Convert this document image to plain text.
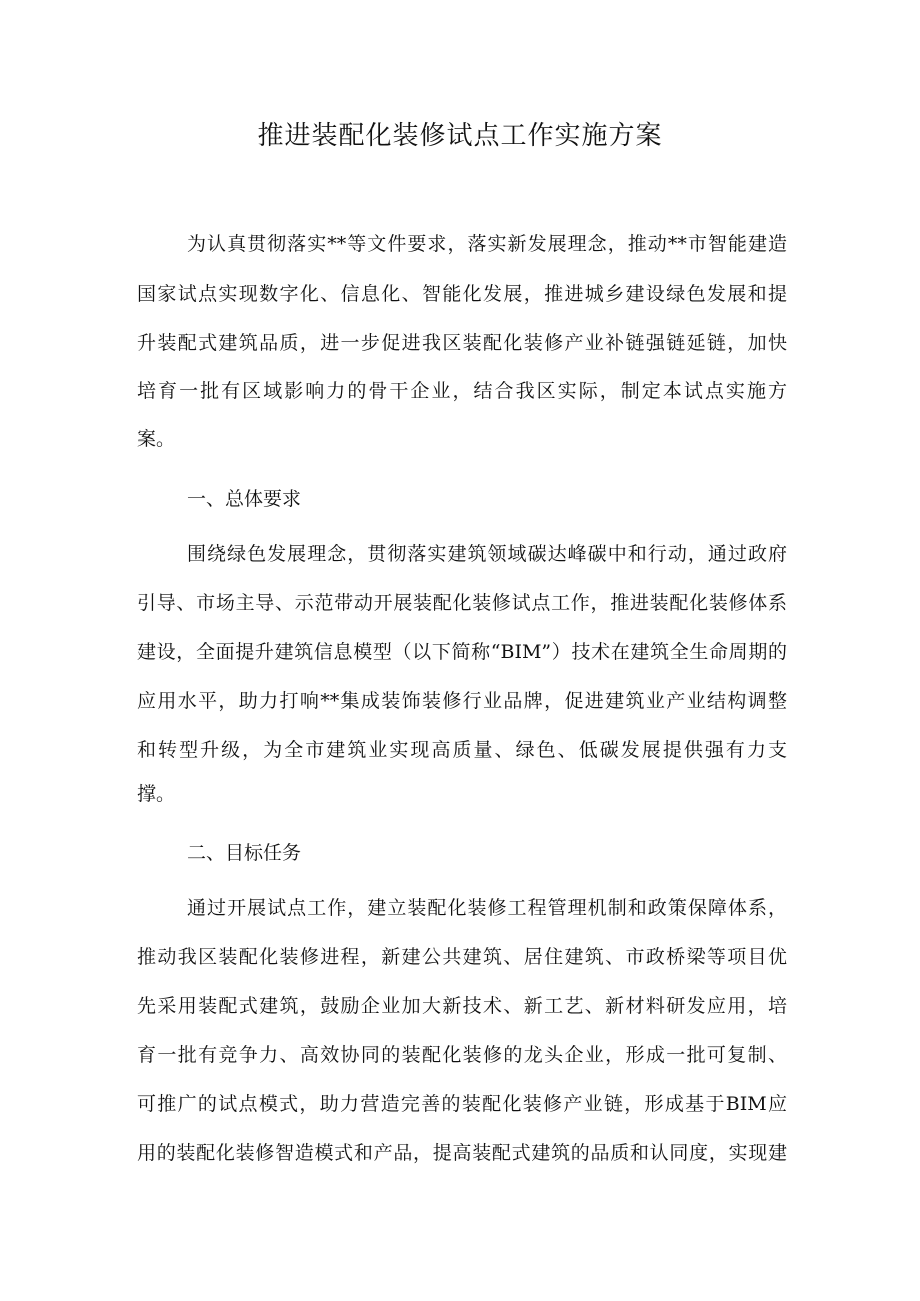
推进装配化装修试点工作实施方案

为认真贯彻落实**等文件要求，落实新发展理念，推动**市智能建造

国家试点实现数字化、信息化、智能化发展，推进城乡建设绿色发展和提

升装配式建筑品质，进一步促进我区装配化装修产业补链强链延链，加快

培育一批有区域影响力的骨干企业，结合我区实际，制定本试点实施方

案。

一、总体要求

围绕绿色发展理念，贯彻落实建筑领域碳达峰碳中和行动，通过政府

引导、市场主导、示范带动开展装配化装修试点工作，推进装配化装修体系

建设，全面提升建筑信息模型（以下简称“BIM”）技术在建筑全生命周期的

应用水平，助力打响**集成装饰装修行业品牌，促进建筑业产业结构调整

和转型升级，为全市建筑业实现高质量、绿色、低碳发展提供强有力支

撑。

二、目标任务

通过开展试点工作，建立装配化装修工程管理机制和政策保障体系，

推动我区装配化装修进程，新建公共建筑、居住建筑、市政桥梁等项目优

先采用装配式建筑，鼓励企业加大新技术、新工艺、新材料研发应用，培

育一批有竞争力、高效协同的装配化装修的龙头企业，形成一批可复制、

可推广的试点模式，助力营造完善的装配化装修产业链，形成基于BIM应

用的装配化装修智造模式和产品，提高装配式建筑的品质和认同度，实现建
